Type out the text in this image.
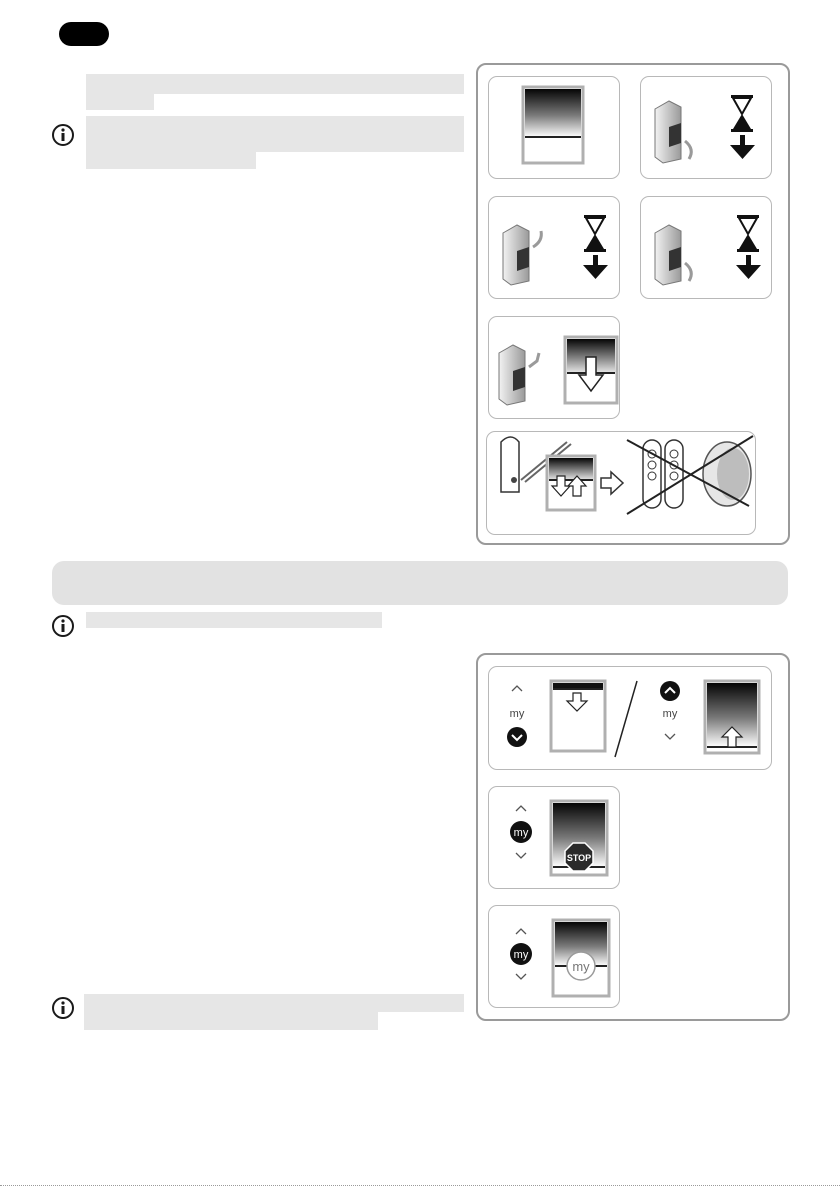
my	my
my
STOP
my
my
